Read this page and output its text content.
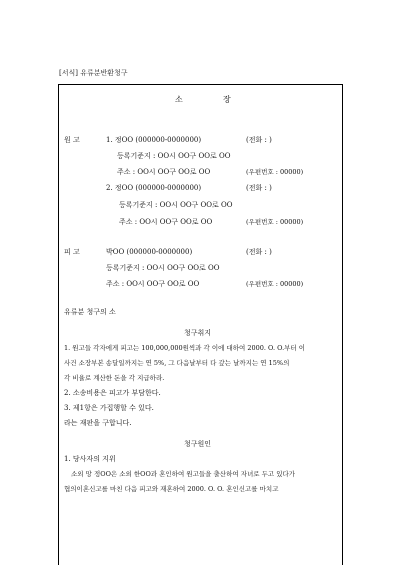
[서식] 유류분반환청구
소	장
원 고	1. 정OO (000000-0000000)	(전화 : )
등록기준지 : OO시 OO구 OO로 OO
주소 : OO시 OO구 OO로 OO	(우편번호 : 00000)
2. 정OO (000000-0000000)	(전화 : )
등록기준지 : OO시 OO구 OO로 OO
주소 : OO시 OO구 OO로 OO	(우편번호 : 00000)
피 고	박OO (000000-0000000)	(전화 : )
등록기준지 : OO시 OO구 OO로 OO
주소 : OO시 OO구 OO로 OO	(우편번호 : 00000)
유류분 청구의 소
청구취지
1. 원고들 각자에게 피고는 100,000,000원씩과 각 이에 대하여 2000. O. O.부터 이
사건 소장부본 송달일까지는 연 5%, 그 다음날부터 다 갚는 날까지는 연 15%의
각 비율로 계산한 돈을 각 지급하라.
2. 소송비용은 피고가 부담한다.
3. 제1항은 가집행할 수 있다.
라는 재판을 구합니다.
청구원인
1. 당사자의 지위
소외 망 정OO은 소외 한OO과 혼인하여 원고들을 출산하여 자녀로 두고 있다가
협의이혼신고를 마친 다음 피고와 재혼하여 2000. O. O. 혼인신고를 마치고
